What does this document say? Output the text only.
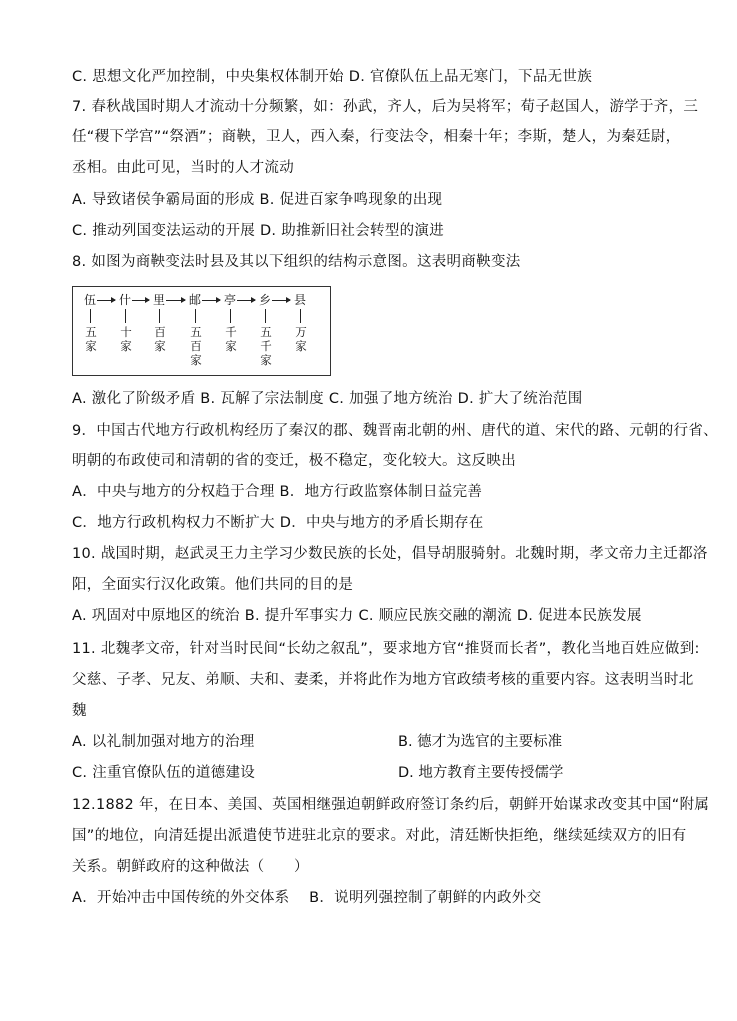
C. 思想文化严加控制，中央集权体制开始 D. 官僚队伍上品无寒门，下品无世族
7. 春秋战国时期人才流动十分频繁，如：孙武，齐人，后为吴将军；荀子赵国人，游学于齐，三
任“稷下学宫”“祭酒”；商鞅，卫人，西入秦，行变法令，相秦十年；李斯，楚人，为秦廷尉，
丞相。由此可见，当时的人才流动
A. 导致诸侯争霸局面的形成 B. 促进百家争鸣现象的出现
C. 推动列国变法运动的开展 D. 助推新旧社会转型的演进
8. 如图为商鞅变法时县及其以下组织的结构示意图。这表明商鞅变法
伍 什 里 邮 亭 乡 县
五家
十家
百家
五百家
千家
五千家
万家
A. 激化了阶级矛盾 B. 瓦解了宗法制度 C. 加强了地方统治 D. 扩大了统治范围
9．中国古代地方行政机构经历了秦汉的郡、魏晋南北朝的州、唐代的道、宋代的路、元朝的行省、
明朝的布政使司和清朝的省的变迁，极不稳定，变化较大。这反映出
A．中央与地方的分权趋于合理 B．地方行政监察体制日益完善
C．地方行政机构权力不断扩大 D．中央与地方的矛盾长期存在
10. 战国时期，赵武灵王力主学习少数民族的长处，倡导胡服骑射。北魏时期，孝文帝力主迁都洛
阳，全面实行汉化政策。他们共同的目的是
A. 巩固对中原地区的统治 B. 提升军事实力 C. 顺应民族交融的潮流 D. 促进本民族发展
11. 北魏孝文帝，针对当时民间“长幼之叙乱”，要求地方官“推贤而长者”，教化当地百姓应做到:
父慈、子孝、兄友、弟顺、夫和、妻柔，并将此作为地方官政绩考核的重要内容。这表明当时北
魏
A. 以礼制加强对地方的治理	B. 德才为选官的主要标准
C. 注重官僚队伍的道德建设	D. 地方教育主要传授儒学
12.1882 年，在日本、美国、英国相继强迫朝鲜政府签订条约后，朝鲜开始谋求改变其中国“附属
国”的地位，向清廷提出派遣使节进驻北京的要求。对此，清廷断快拒绝，继续延续双方的旧有
关系。朝鲜政府的这种做法（　　）
A．开始冲击中国传统的外交体系　 B．说明列强控制了朝鲜的内政外交
